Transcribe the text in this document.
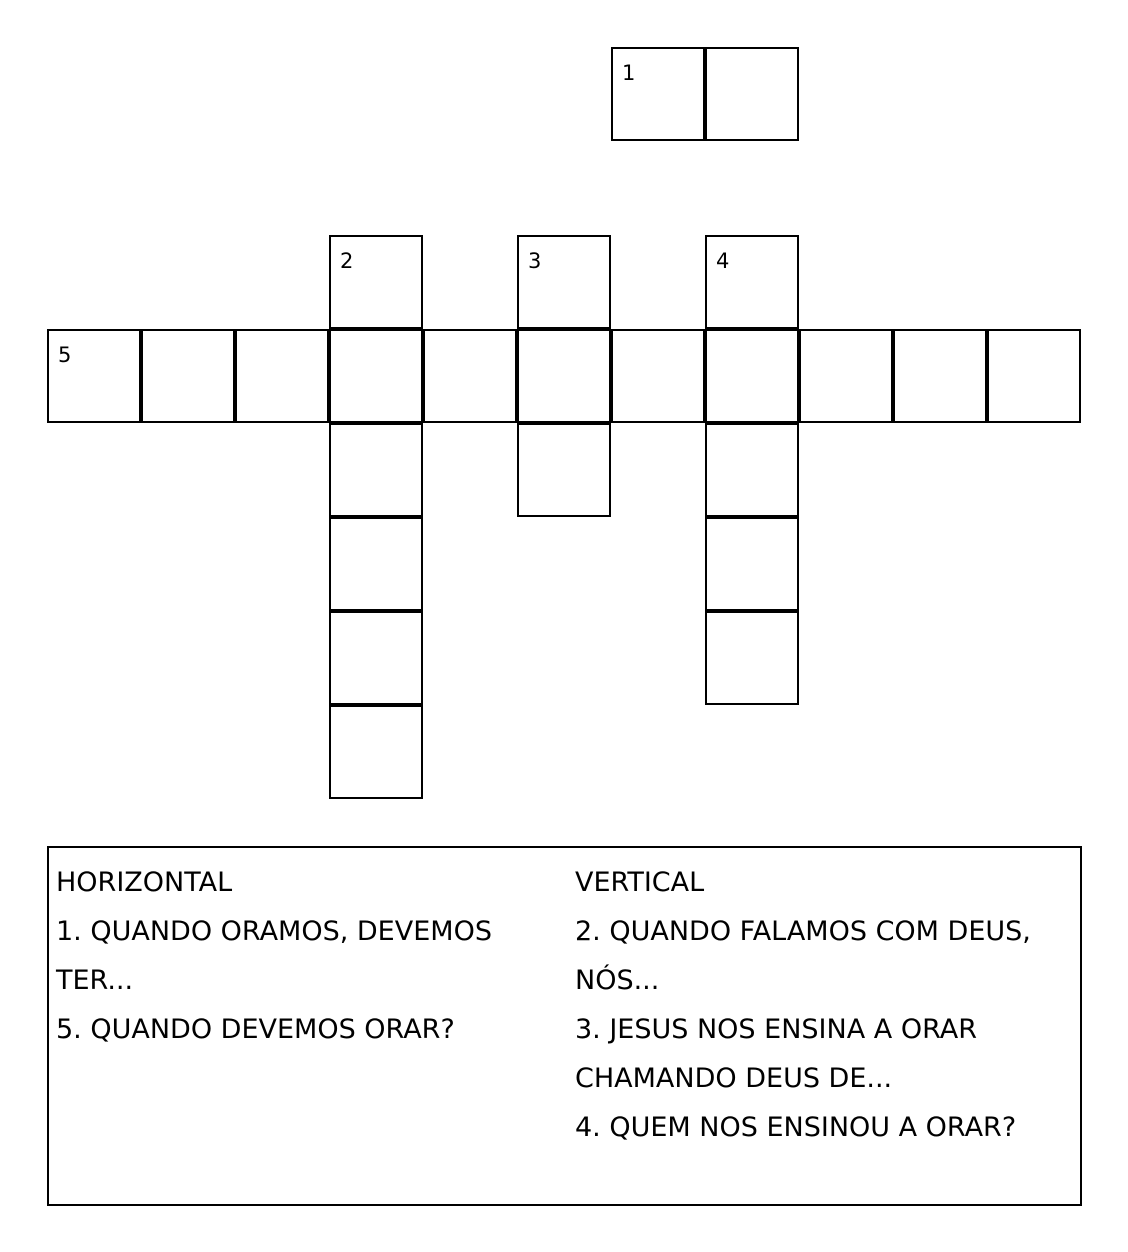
1
2	3	4
5
HORIZONTAL
1. QUANDO ORAMOS, DEVEMOS
TER...
5. QUANDO DEVEMOS ORAR?
VERTICAL
2. QUANDO FALAMOS COM DEUS,
NÓS...
3. JESUS NOS ENSINA A ORAR
CHAMANDO DEUS DE...
4. QUEM NOS ENSINOU A ORAR?
